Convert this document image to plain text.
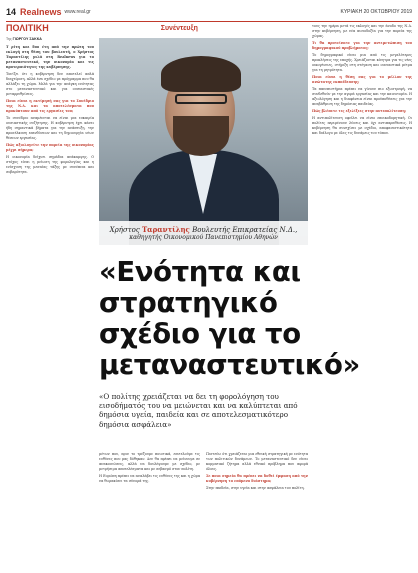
14 Realnews www.real.gr	ΚΥΡΙΑΚΗ 20 ΟΚΤΩΒΡΙΟΥ 2019
ΠΟΛΙΤΙΚΗ	Συνέντευξη
Της ΓΙΩΡΓΟΥ ΣΑΚΚΑ

Τ ρίτη και δυο έτη από την πρώτη του εκλογή στη θέση του βουλευτή, ο Χρήστος Ταραντίλης μιλά στη Realnews για το μεταναστευτικό, την οικονομία και τις προτεραιότητες της κυβέρνησης.

Τονίζει ότι η κυβέρνηση δεν αποτελεί απλά διαχείριση, αλλά ένα σχέδιο με πρόγραμμα που θα αλλάξει τη χώρα. Μιλά για την ανάγκη ενότητας στο μεταναστευτικό και για ουσιαστικές μεταρρυθμίσεις.

Ποια είναι η εκτίμησή σας για το Συνέδριο της Ν.Δ. και τα αποτελέσματα που προκύπτουν από τις εργασίες του;

Το συνέδριο αναμένεται να είναι μια ευκαιρία ουσιαστικής συζήτησης. Η κυβέρνηση έχει κάνει ήδη σημαντικά βήματα για την ανάπτυξη, την προσέλκυση επενδύσεων και τη δημιουργία νέων θέσεων εργασίας.

Πώς αξιολογείτε την πορεία της οικονομίας μέχρι σήμερα;

Η οικονομία δείχνει σημάδια ανάκαμψης. Ο στόχος είναι η μείωση της φορολογίας και η ενίσχυση της μεσαίας τάξης με συνέπεια και σοβαρότητα.

Χρήστος Ταραντίλης Βουλευτής Επικρατείας Ν.Δ.,
καθηγητής Οικονομικού Πανεπιστημίου Αθηνών
«Ενότητα και στρατηγικό σχέδιο για το μεταναστευτικό»
«Ο πολίτης χρειάζεται να δει τη φορολόγηση του εισοδήματός του να μειώνεται και να καλύπτεται από δημόσια υγεία, παιδεία και σε αποτελεσματικότερο δημόσια ασφάλεια»

μέτων που, πριν το τρέξουμε ποιοτικά, επιτελούμε τις ευθύνες που μας δόθηκαν. Δεν θα πρέπει να μείνουμε σε ανακοινώσεις, αλλά να δουλέψουμε με σχέδιο, με μετρήσιμα αποτελέσματα και με σεβασμό στον πολίτη.

Η Ευρώπη πρέπει να αναλάβει τις ευθύνες της και η χώρα να θωρακίσει τα σύνορά της.

Πιστεύω ότι χρειάζεται μια εθνική στρατηγική με ενότητα των πολιτικών δυνάμεων. Το μεταναστευτικό δεν είναι κομματικό ζήτημα αλλά εθνικό πρόβλημα που αφορά όλους.

Σε ποια σημεία θα πρέπει να δοθεί έμφαση από την κυβέρνηση το επόμενο διάστημα;

Στην παιδεία, στην υγεία και στην ασφάλεια του πολίτη.

τους την ημέρα μετά τις εκλογές και την άνοδο της Ν.Δ. στην κυβέρνηση, με νέα αισιοδοξία για την πορεία της χώρας.

Τι θα προτείνατε για την αντιμετώπιση του δημογραφικού προβλήματος;

Το δημογραφικό είναι μια από τις μεγαλύτερες προκλήσεις της εποχής. Χρειάζονται κίνητρα για τις νέες οικογένειες, στήριξη στη στέγαση και ουσιαστικά μέτρα για τη μητρότητα.

Ποια είναι η θέση σας για το μέλλον της ανώτατης εκπαίδευσης;

Τα πανεπιστήμια πρέπει να γίνουν πιο εξωστρεφή, να συνδεθούν με την αγορά εργασίας και την καινοτομία. Η αξιολόγηση και η διαφάνεια είναι προϋποθέσεις για την αναβάθμιση της δημόσιας παιδείας.

Πώς βλέπετε τις εξελίξεις στην αντιπολίτευση;

Η αντιπολίτευση οφείλει να είναι εποικοδομητική. Οι πολίτες περιμένουν λύσεις και όχι αντιπαραθέσεις. Η κυβέρνηση θα συνεχίσει με σχέδιο, αποφασιστικότητα και διάλογο με όλες τις δυνάμεις του τόπου.
